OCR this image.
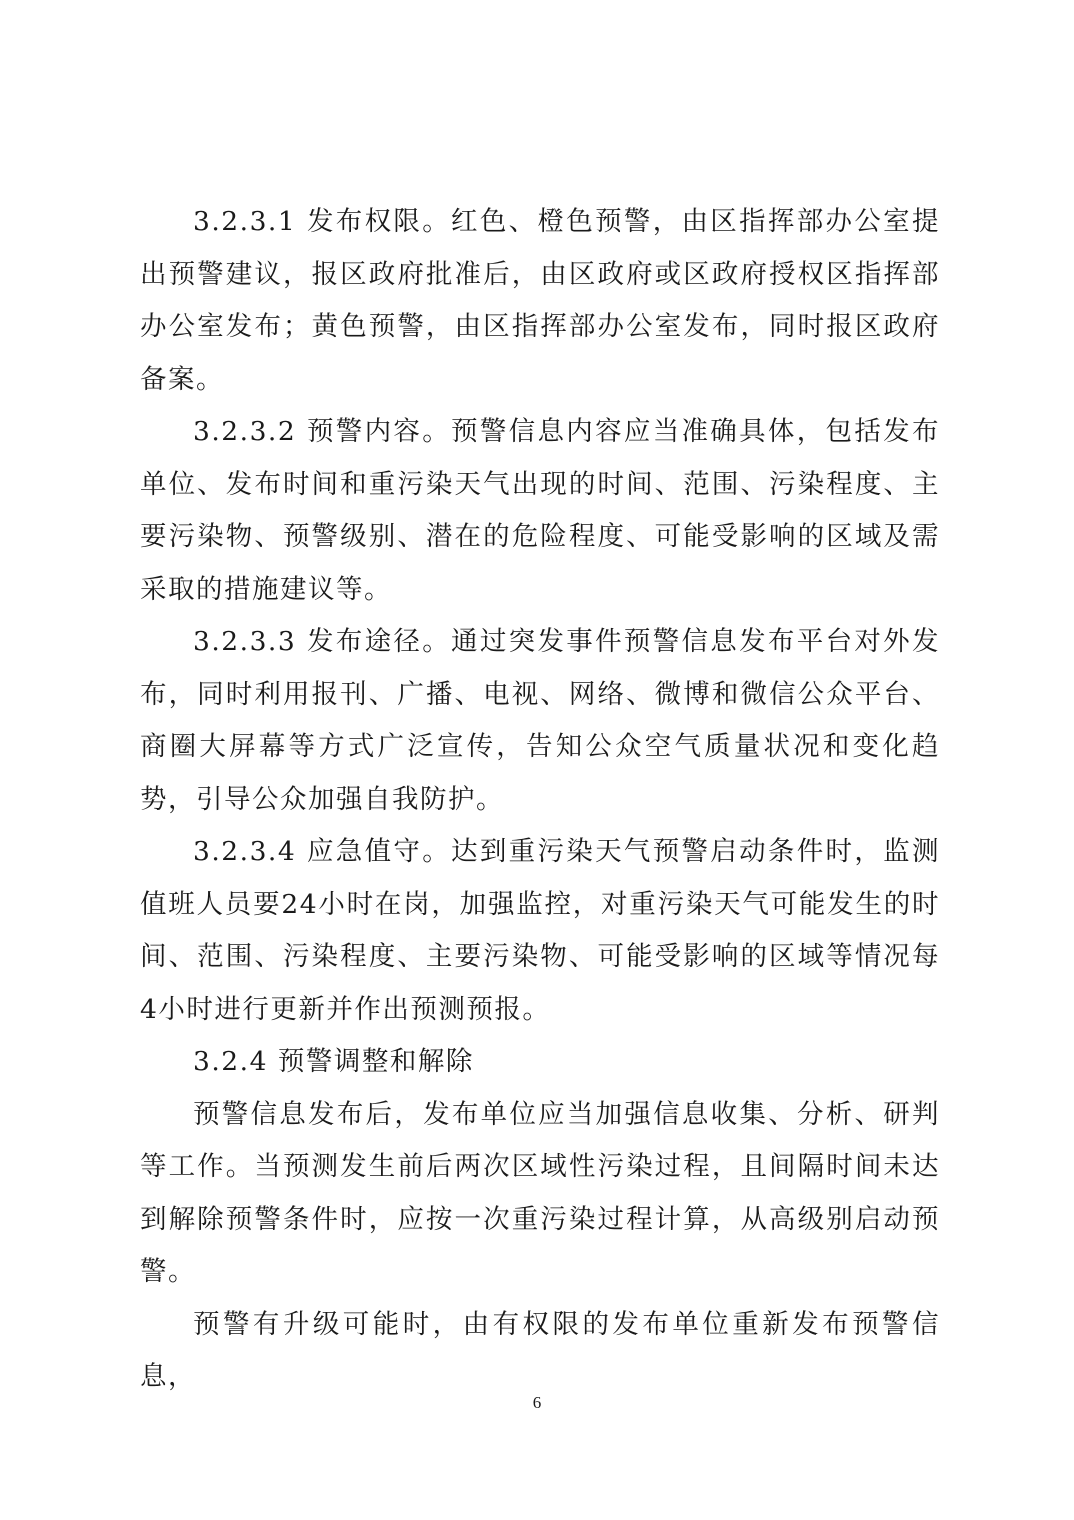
3.2.3.1 发布权限。红色、橙色预警，由区指挥部办公室提出预警建议，报区政府批准后，由区政府或区政府授权区指挥部办公室发布；黄色预警，由区指挥部办公室发布，同时报区政府备案。

3.2.3.2 预警内容。预警信息内容应当准确具体，包括发布单位、发布时间和重污染天气出现的时间、范围、污染程度、主要污染物、预警级别、潜在的危险程度、可能受影响的区域及需采取的措施建议等。

3.2.3.3 发布途径。通过突发事件预警信息发布平台对外发布，同时利用报刊、广播、电视、网络、微博和微信公众平台、商圈大屏幕等方式广泛宣传，告知公众空气质量状况和变化趋势，引导公众加强自我防护。

3.2.3.4 应急值守。达到重污染天气预警启动条件时，监测值班人员要24小时在岗，加强监控，对重污染天气可能发生的时间、范围、污染程度、主要污染物、可能受影响的区域等情况每4小时进行更新并作出预测预报。

3.2.4 预警调整和解除

预警信息发布后，发布单位应当加强信息收集、分析、研判等工作。当预测发生前后两次区域性污染过程，且间隔时间未达到解除预警条件时，应按一次重污染过程计算，从高级别启动预警。

预警有升级可能时，由有权限的发布单位重新发布预警信息，

6
